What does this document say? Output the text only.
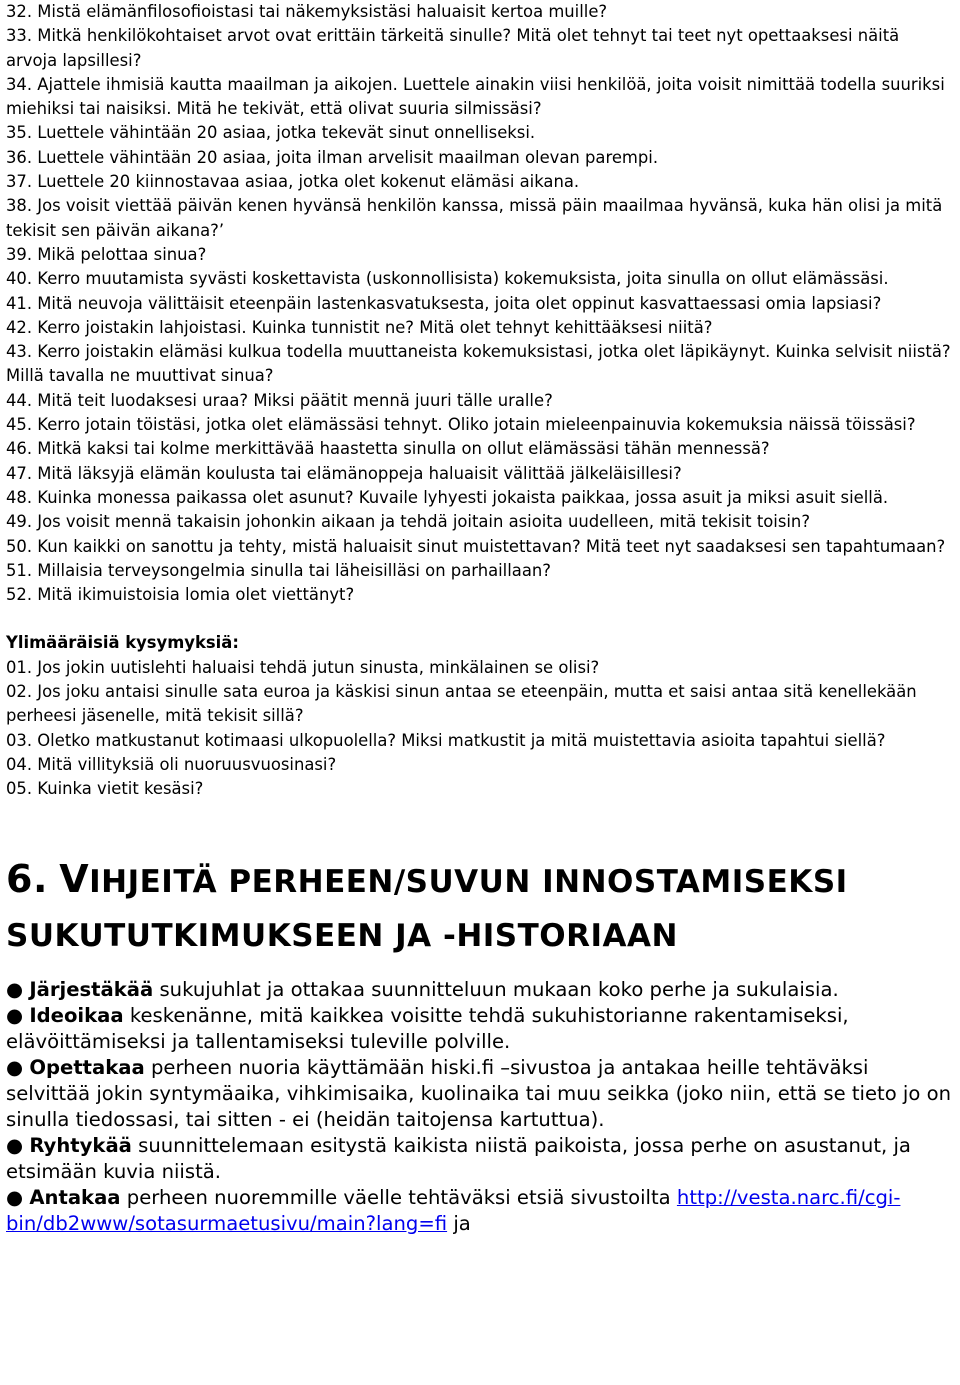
32. Mistä elämänfilosofioistasi tai näkemyksistäsi haluaisit kertoa muille?

33. Mitkä henkilökohtaiset arvot ovat erittäin tärkeitä sinulle? Mitä olet tehnyt tai teet nyt opettaaksesi näitä arvoja lapsillesi?

34. Ajattele ihmisiä kautta maailman ja aikojen. Luettele ainakin viisi henkilöä, joita voisit nimittää todella suuriksi miehiksi tai naisiksi. Mitä he tekivät, että olivat suuria silmissäsi?

35. Luettele vähintään 20 asiaa, jotka tekevät sinut onnelliseksi.

36. Luettele vähintään 20 asiaa, joita ilman arvelisit maailman olevan parempi.

37. Luettele 20 kiinnostavaa asiaa, jotka olet kokenut elämäsi aikana.

38. Jos voisit viettää päivän kenen hyvänsä henkilön kanssa, missä päin maailmaa hyvänsä, kuka hän olisi ja mitä tekisit sen päivän aikana?’

39. Mikä pelottaa sinua?

40. Kerro muutamista syvästi koskettavista (uskonnollisista) kokemuksista, joita sinulla on ollut elämässäsi.

41. Mitä neuvoja välittäisit eteenpäin lastenkasvatuksesta, joita olet oppinut kasvattaessasi omia lapsiasi?

42. Kerro joistakin lahjoistasi. Kuinka tunnistit ne? Mitä olet tehnyt kehittääksesi niitä?

43. Kerro joistakin elämäsi kulkua todella muuttaneista kokemuksistasi, jotka olet läpikäynyt. Kuinka selvisit niistä? Millä tavalla ne muuttivat sinua?

44. Mitä teit luodaksesi uraa? Miksi päätit mennä juuri tälle uralle?

45. Kerro jotain töistäsi, jotka olet elämässäsi tehnyt. Oliko jotain mieleenpainuvia kokemuksia näissä töissäsi?

46. Mitkä kaksi tai kolme merkittävää haastetta sinulla on ollut elämässäsi tähän mennessä?

47. Mitä läksyjä elämän koulusta tai elämänoppeja haluaisit välittää jälkeläisillesi?

48. Kuinka monessa paikassa olet asunut? Kuvaile lyhyesti jokaista paikkaa, jossa asuit ja miksi asuit siellä.

49. Jos voisit mennä takaisin johonkin aikaan ja tehdä joitain asioita uudelleen, mitä tekisit toisin?

50. Kun kaikki on sanottu ja tehty, mistä haluaisit sinut muistettavan? Mitä teet nyt saadaksesi sen tapahtumaan?

51. Millaisia terveysongelmia sinulla tai läheisilläsi on parhaillaan?

52. Mitä ikimuistoisia lomia olet viettänyt?

Ylimääräisiä kysymyksiä:

01. Jos jokin uutislehti haluaisi tehdä jutun sinusta, minkälainen se olisi?

02. Jos joku antaisi sinulle sata euroa ja käskisi sinun antaa se eteenpäin, mutta et saisi antaa sitä kenellekään perheesi jäsenelle, mitä tekisit sillä?

03. Oletko matkustanut kotimaasi ulkopuolella? Miksi matkustit ja mitä muistettavia asioita tapahtui siellä?

04. Mitä villityksiä oli nuoruusvuosinasi?

05. Kuinka vietit kesäsi?

6. VIHJEITÄ PERHEEN/SUVUN INNOSTAMISEKSI

SUKUTUTKIMUKSEEN JA -HISTORIAAN

● Järjestäkää sukujuhlat ja ottakaa suunnitteluun mukaan koko perhe ja sukulaisia.

● Ideoikaa keskenänne, mitä kaikkea voisitte tehdä sukuhistorianne rakentamiseksi, elävöittämiseksi ja tallentamiseksi tuleville polville.

● Opettakaa perheen nuoria käyttämään hiski.fi –sivustoa ja antakaa heille tehtäväksi selvittää jokin syntymäaika, vihkimisaika, kuolinaika tai muu seikka (joko niin, että se tieto jo on sinulla tiedossasi, tai sitten - ei (heidän taitojensa kartuttua).

● Ryhtykää suunnittelemaan esitystä kaikista niistä paikoista, jossa perhe on asustanut, ja etsimään kuvia niistä.

● Antakaa perheen nuoremmille väelle tehtäväksi etsiä sivustoilta http://vesta.narc.fi/cgi-bin/db2www/sotasurmaetusivu/main?lang=fi ja
